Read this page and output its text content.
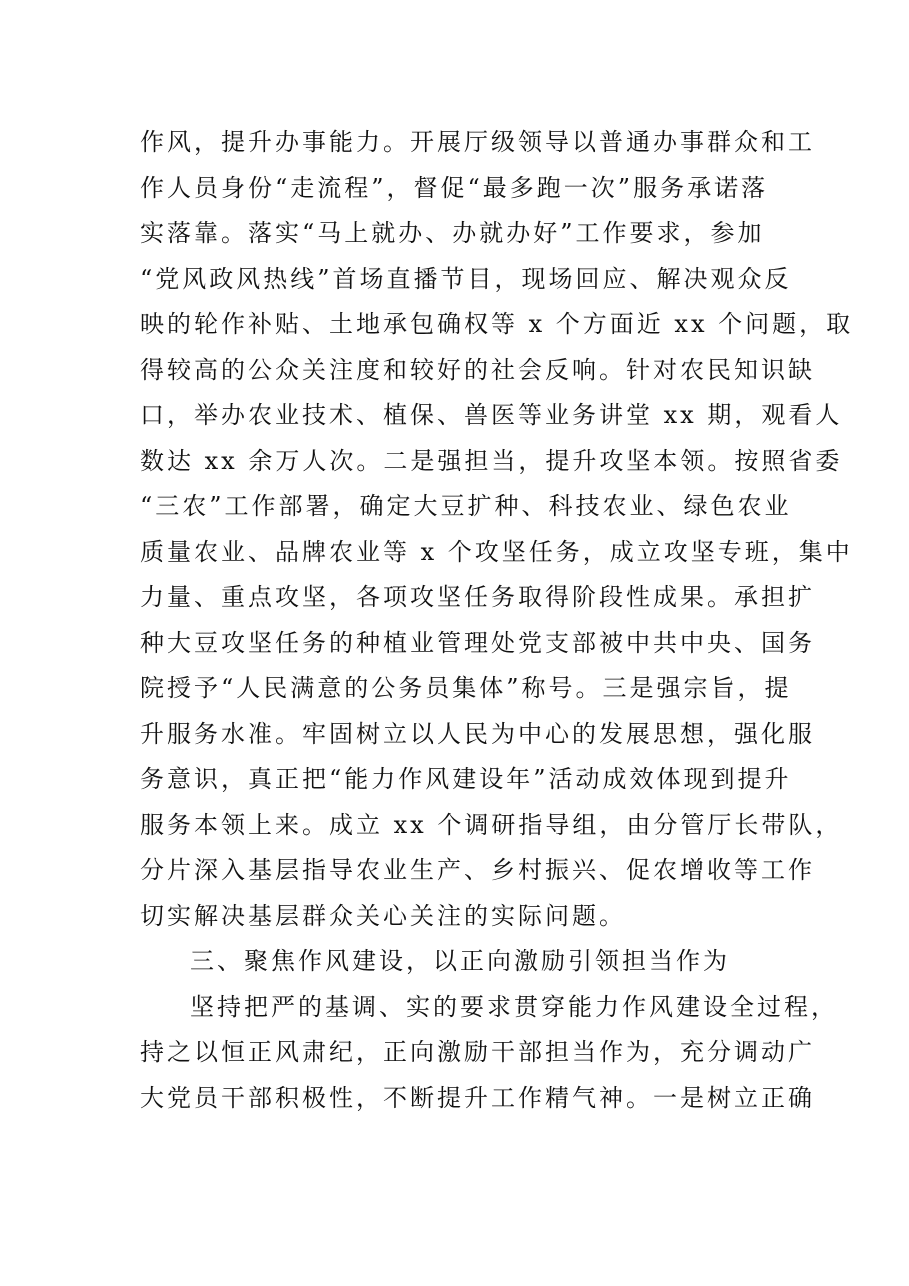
作风，提升办事能力。开展厅级领导以普通办事群众和工
作人员身份“走流程”，督促“最多跑一次”服务承诺落
实落靠。落实“马上就办、办就办好”工作要求，参加
“党风政风热线”首场直播节目，现场回应、解决观众反
映的轮作补贴、土地承包确权等 x 个方面近 xx 个问题，取
得较高的公众关注度和较好的社会反响。针对农民知识缺
口，举办农业技术、植保、兽医等业务讲堂 xx 期，观看人
数达 xx 余万人次。二是强担当，提升攻坚本领。按照省委
“三农”工作部署，确定大豆扩种、科技农业、绿色农业
质量农业、品牌农业等 x 个攻坚任务，成立攻坚专班，集中
力量、重点攻坚，各项攻坚任务取得阶段性成果。承担扩
种大豆攻坚任务的种植业管理处党支部被中共中央、国务
院授予“人民满意的公务员集体”称号。三是强宗旨，提
升服务水准。牢固树立以人民为中心的发展思想，强化服
务意识，真正把“能力作风建设年”活动成效体现到提升
服务本领上来。成立 xx 个调研指导组，由分管厅长带队，
分片深入基层指导农业生产、乡村振兴、促农增收等工作
切实解决基层群众关心关注的实际问题。
三、聚焦作风建设，以正向激励引领担当作为
坚持把严的基调、实的要求贯穿能力作风建设全过程，
持之以恒正风肃纪，正向激励干部担当作为，充分调动广
大党员干部积极性，不断提升工作精气神。一是树立正确
